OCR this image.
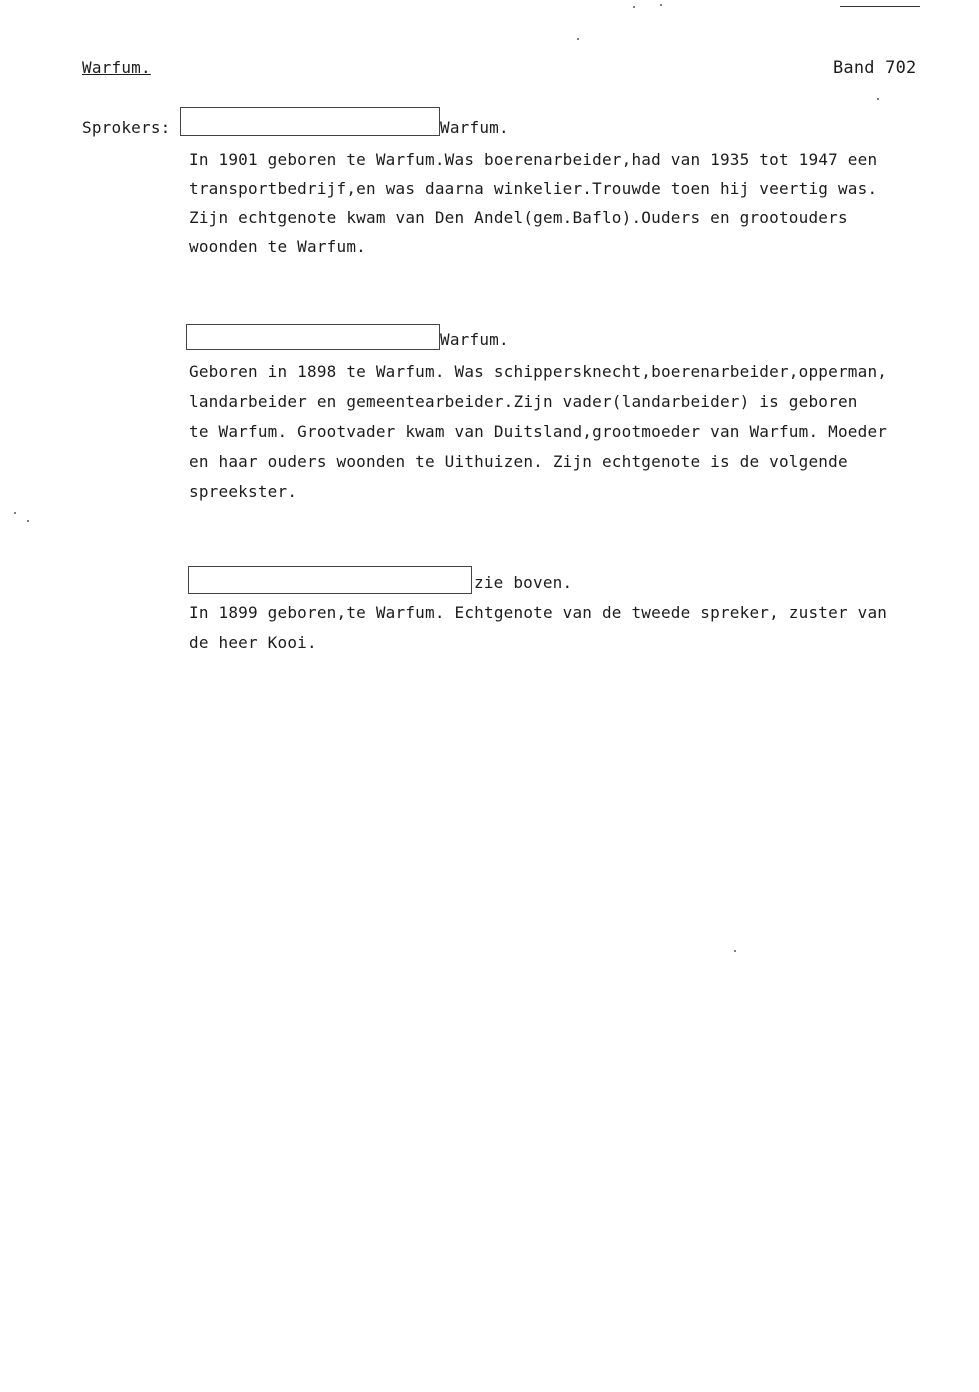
Warfum.	Band 702
Sprokers:	Warfum.
In 1901 geboren te Warfum.Was boerenarbeider,had van 1935 tot 1947 een
transportbedrijf,en was daarna winkelier.Trouwde toen hij veertig was.
Zijn echtgenote kwam van Den Andel(gem.Baflo).Ouders en grootouders
woonden te Warfum.
Warfum.
Geboren in 1898 te Warfum. Was schippersknecht,boerenarbeider,opperman,
landarbeider en gemeentearbeider.Zijn vader(landarbeider) is geboren
te Warfum. Grootvader kwam van Duitsland,grootmoeder van Warfum. Moeder
en haar ouders woonden te Uithuizen. Zijn echtgenote is de volgende
spreekster.
zie boven.
In 1899 geboren,te Warfum. Echtgenote van de tweede spreker, zuster van
de heer Kooi.
